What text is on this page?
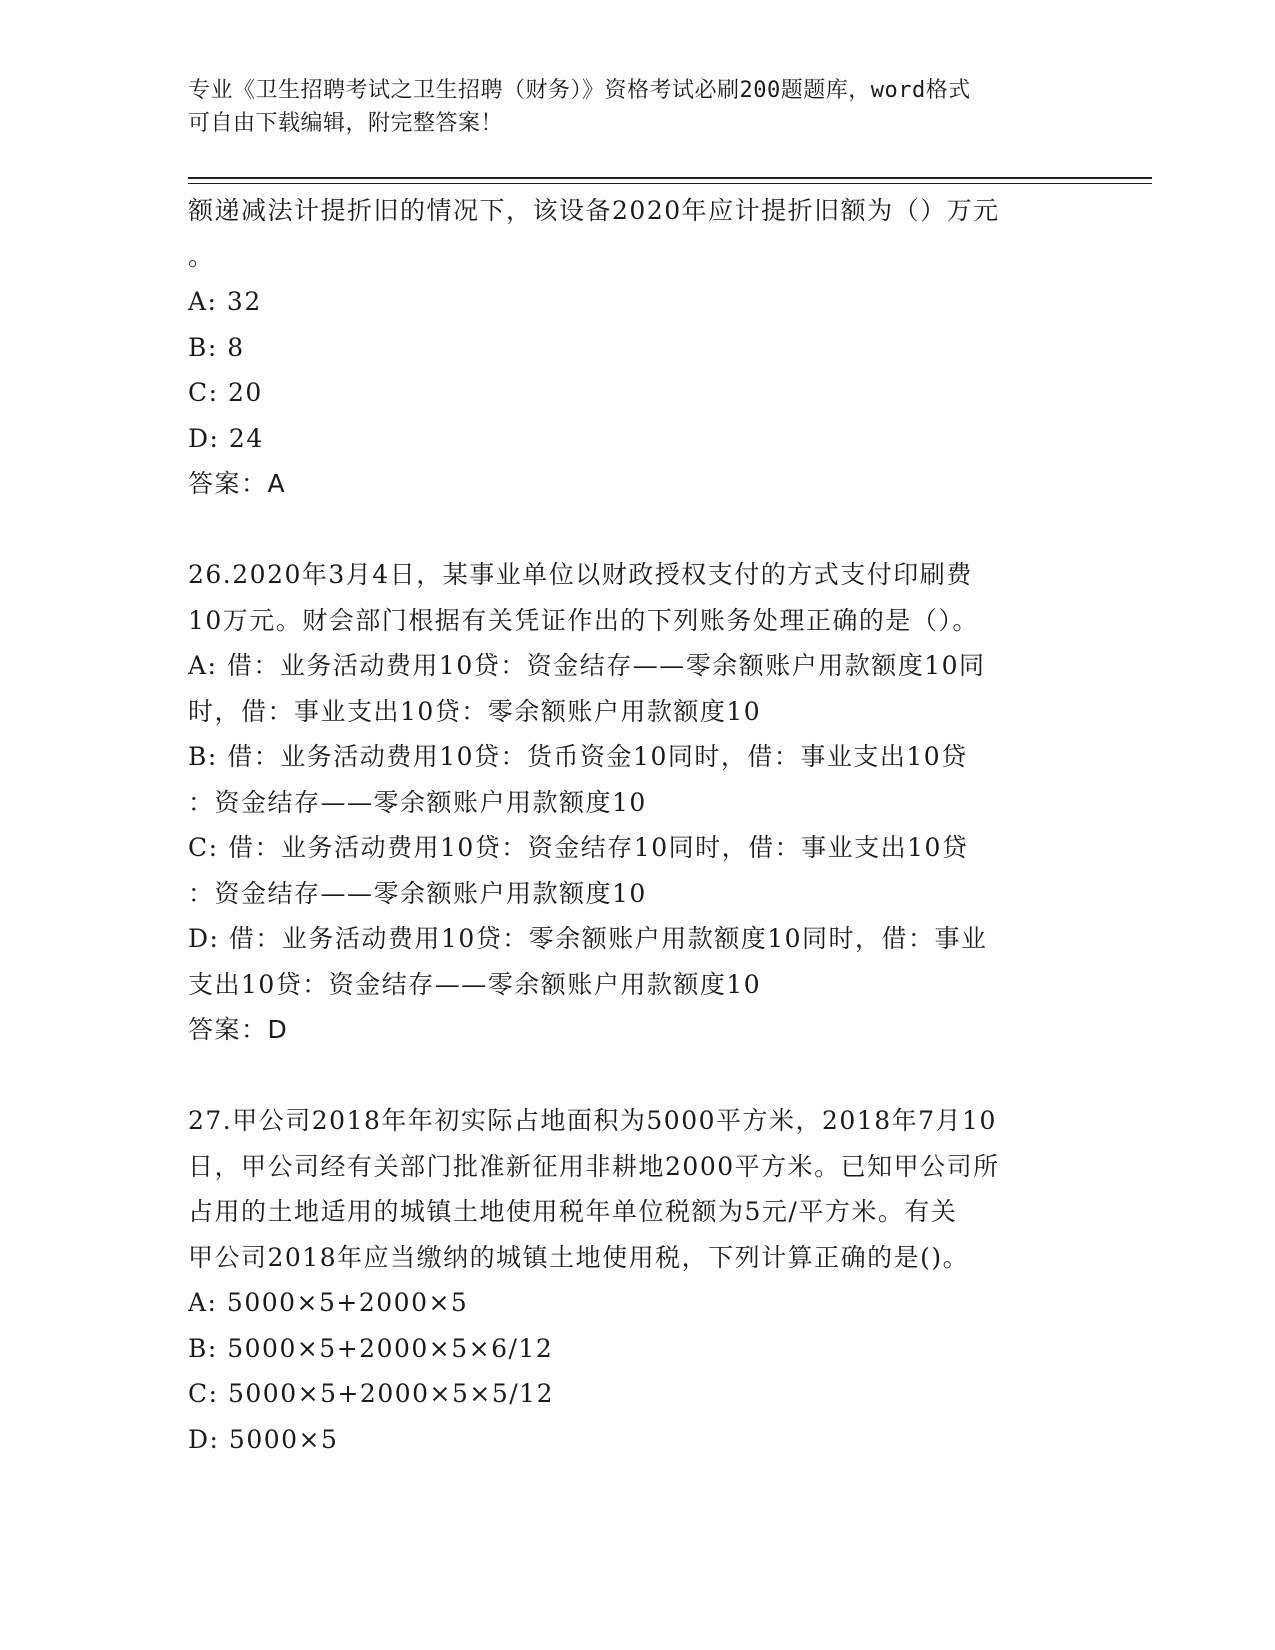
专业《卫生招聘考试之卫生招聘（财务）》资格考试必刷200题题库，word格式
可自由下载编辑，附完整答案！
额递减法计提折旧的情况下，该设备2020年应计提折旧额为（）万元
。
A: 32
B: 8
C: 20
D: 24
答案：A
26.2020年3月4日，某事业单位以财政授权支付的方式支付印刷费
10万元。财会部门根据有关凭证作出的下列账务处理正确的是（）。
A: 借：业务活动费用10贷：资金结存——零余额账户用款额度10同
时，借：事业支出10贷：零余额账户用款额度10
B: 借：业务活动费用10贷：货币资金10同时，借：事业支出10贷
：资金结存——零余额账户用款额度10
C: 借：业务活动费用10贷：资金结存10同时，借：事业支出10贷
：资金结存——零余额账户用款额度10
D: 借：业务活动费用10贷：零余额账户用款额度10同时，借：事业
支出10贷：资金结存——零余额账户用款额度10
答案：D
27.甲公司2018年年初实际占地面积为5000平方米，2018年7月10
日，甲公司经有关部门批准新征用非耕地2000平方米。已知甲公司所
占用的土地适用的城镇土地使用税年单位税额为5元/平方米。有关
甲公司2018年应当缴纳的城镇土地使用税，下列计算正确的是()。
A: 5000×5+2000×5
B: 5000×5+2000×5×6/12
C: 5000×5+2000×5×5/12
D: 5000×5
